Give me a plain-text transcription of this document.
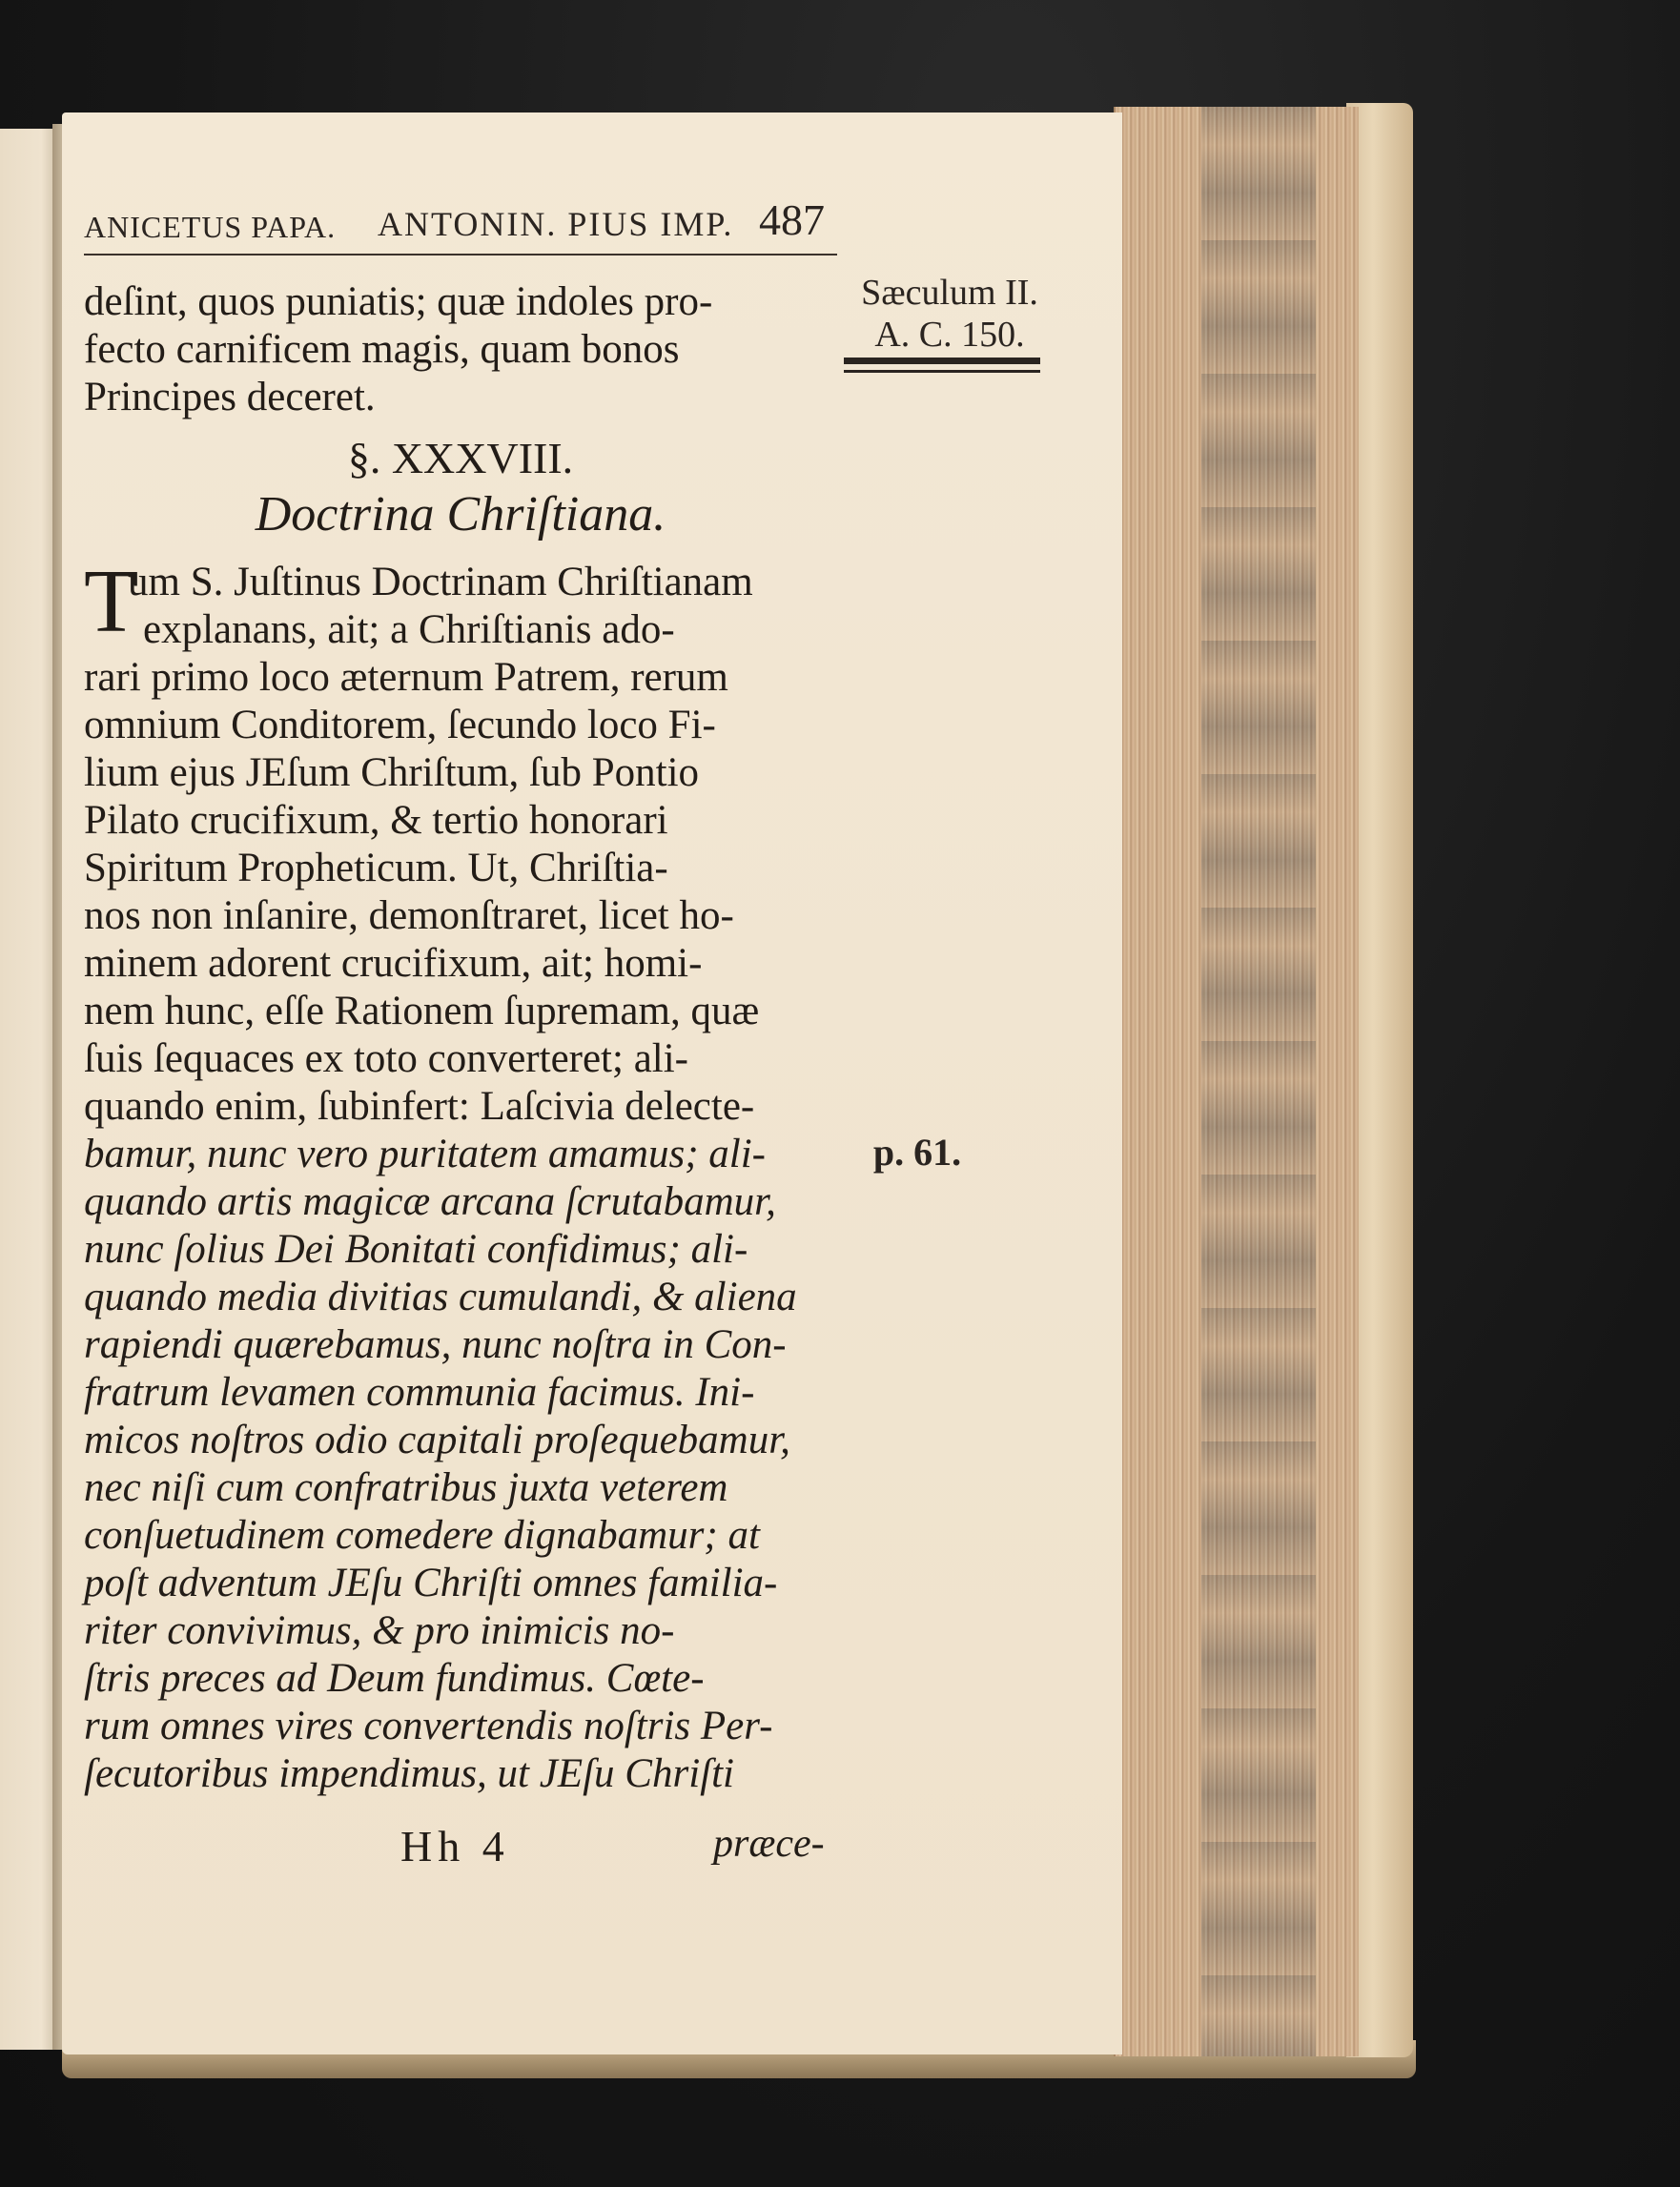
ANICETUS PAPA. ANTONIN. PIUS IMP. 487
Sæculum II.
A. C. 150.
p. 61.
deſint, quos puniatis; quæ indoles pro-
fecto carnificem magis, quam bonos
Principes deceret.
§. XXXVIII.
Doctrina Chriſtiana.
T
um S. Juſtinus Doctrinam Chriſtianam
explanans, ait; a Chriſtianis ado-
rari primo loco æternum Patrem, rerum
omnium Conditorem, ſecundo loco Fi-
lium ejus JEſum Chriſtum, ſub Pontio
Pilato crucifixum, & tertio honorari
Spiritum Propheticum. Ut, Chriſtia-
nos non inſanire, demonſtraret, licet ho-
minem adorent crucifixum, ait; homi-
nem hunc, eſſe Rationem ſupremam, quæ
ſuis ſequaces ex toto converteret; ali-
quando enim, ſubinfert: Laſcivia delecte-
bamur, nunc vero puritatem amamus; ali-
quando artis magicæ arcana ſcrutabamur,
nunc ſolius Dei Bonitati confidimus; ali-
quando media divitias cumulandi, & aliena
rapiendi quærebamus, nunc noſtra in Con-
fratrum levamen communia facimus. Ini-
micos noſtros odio capitali proſequebamur,
nec niſi cum confratribus juxta veterem
conſuetudinem comedere dignabamur; at
poſt adventum JEſu Chriſti omnes familia-
riter convivimus, & pro inimicis no-
ſtris preces ad Deum fundimus. Cœte-
rum omnes vires convertendis noſtris Per-
ſecutoribus impendimus, ut JEſu Chriſti
Hh 4	præce-
